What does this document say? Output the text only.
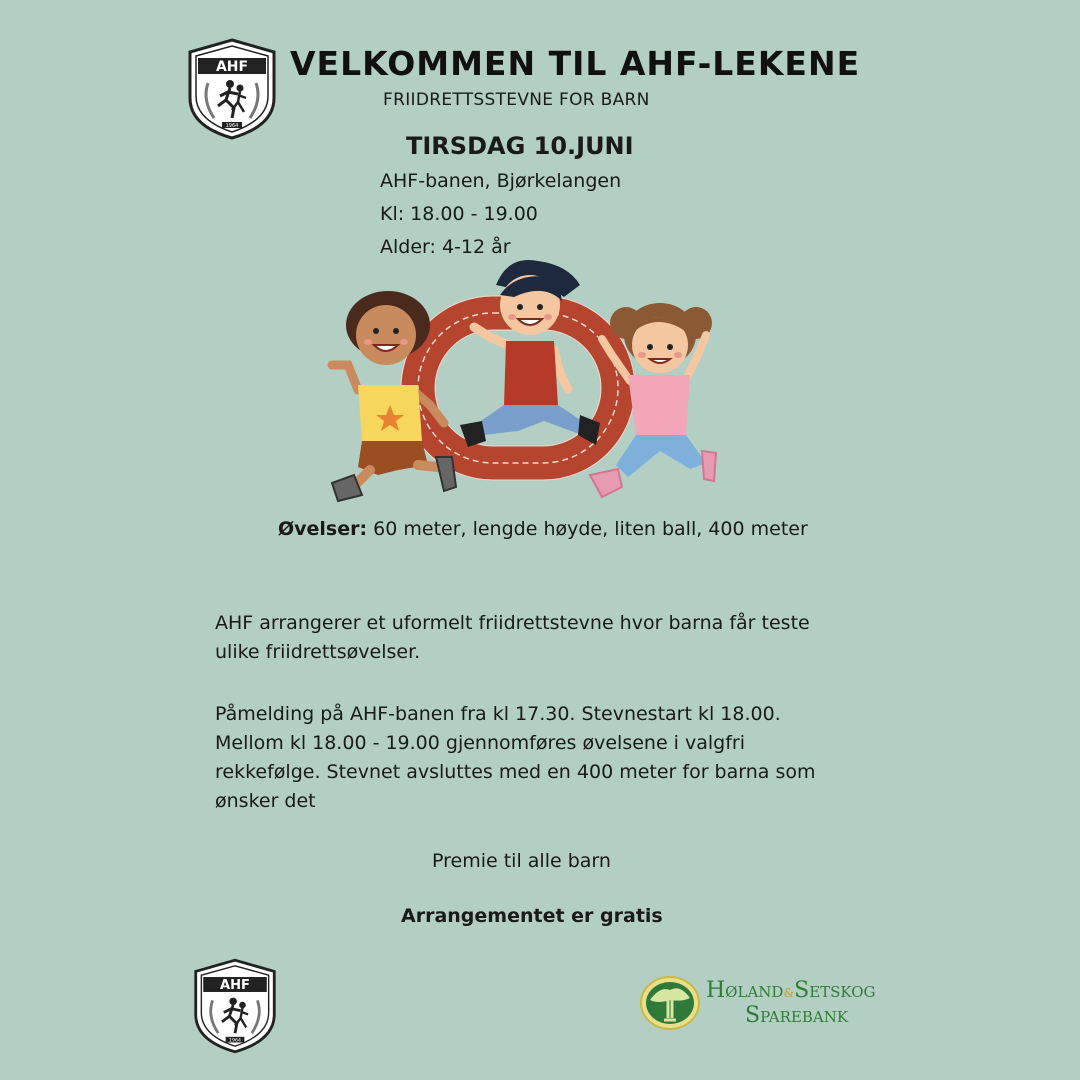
AHF
1964
VELKOMMEN TIL AHF-LEKENE
FRIIDRETTSSTEVNE FOR BARN
TIRSDAG 10.JUNI
AHF-banen, Bjørkelangen
Kl: 18.00 - 19.00
Alder: 4-12 år
Øvelser: 60 meter, lengde høyde, liten ball, 400 meter
AHF arrangerer et uformelt friidrettstevne hvor barna får teste ulike friidrettsøvelser.
Påmelding på AHF-banen fra kl 17.30. Stevnestart kl 18.00. Mellom kl 18.00 - 19.00 gjennomføres øvelsene i valgfri rekkefølge. Stevnet avsluttes med en 400 meter for barna som ønsker det
Premie til alle barn
Arrangementet er gratis
AHF
1964
Høland&Setskog
Sparebank
